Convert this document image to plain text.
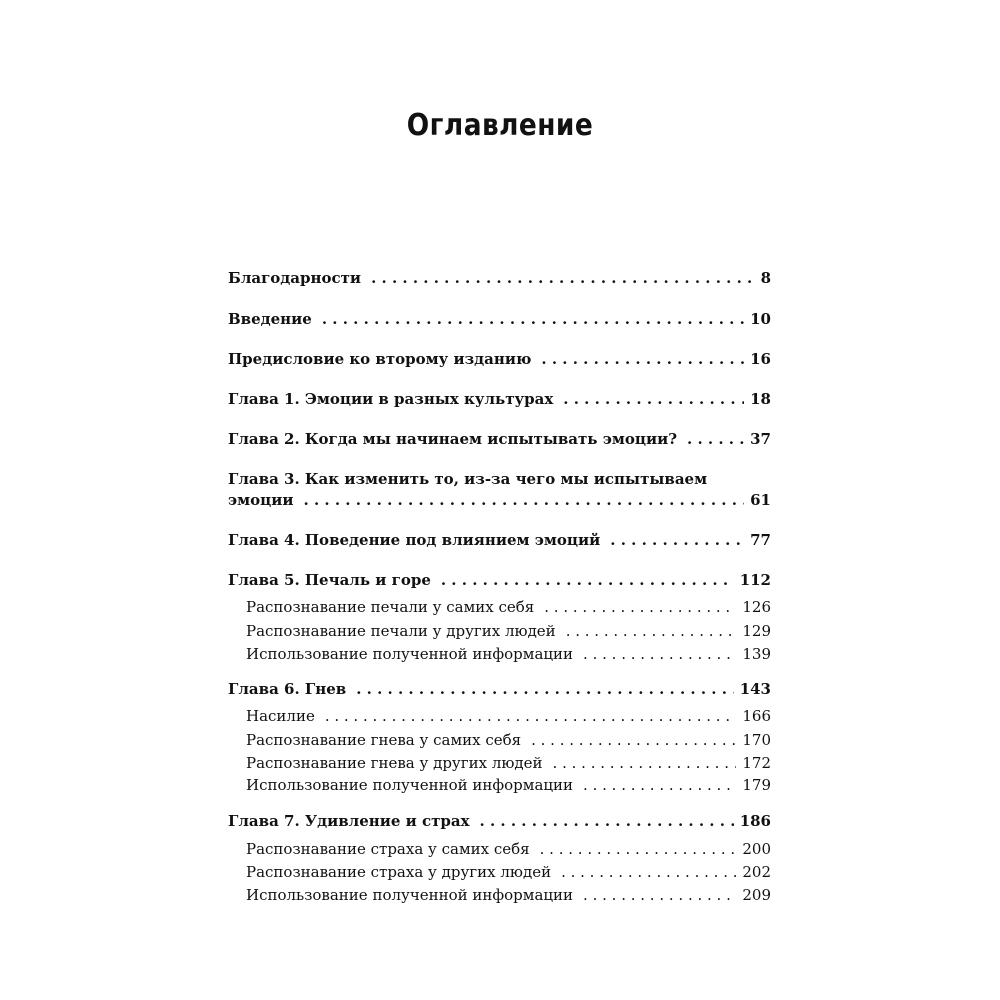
Оглавление
Благодарности . . .	8
Введение . . .	10
Предисловие ко второму изданию . . .	16
Глава 1. Эмоции в разных культурах . . .	18
Глава 2. Когда мы начинаем испытывать эмоции? . . .	37
Глава 3. Как изменить то, из-за чего мы испытываем
эмоции . . .	61
Глава 4. Поведение под влиянием эмоций . . .	77
Глава 5. Печаль и горе . . .	112
Распознавание печали у самих себя . . .	126
Распознавание печали у других людей . . .	129
Использование полученной информации . . .	139
Глава 6. Гнев . . .	143
Насилие . . .	166
Распознавание гнева у самих себя . . .	170
Распознавание гнева у других людей . . .	172
Использование полученной информации . . .	179
Глава 7. Удивление и страх . . .	186
Распознавание страха у самих себя . . .	200
Распознавание страха у других людей . . .	202
Использование полученной информации . . .	209
